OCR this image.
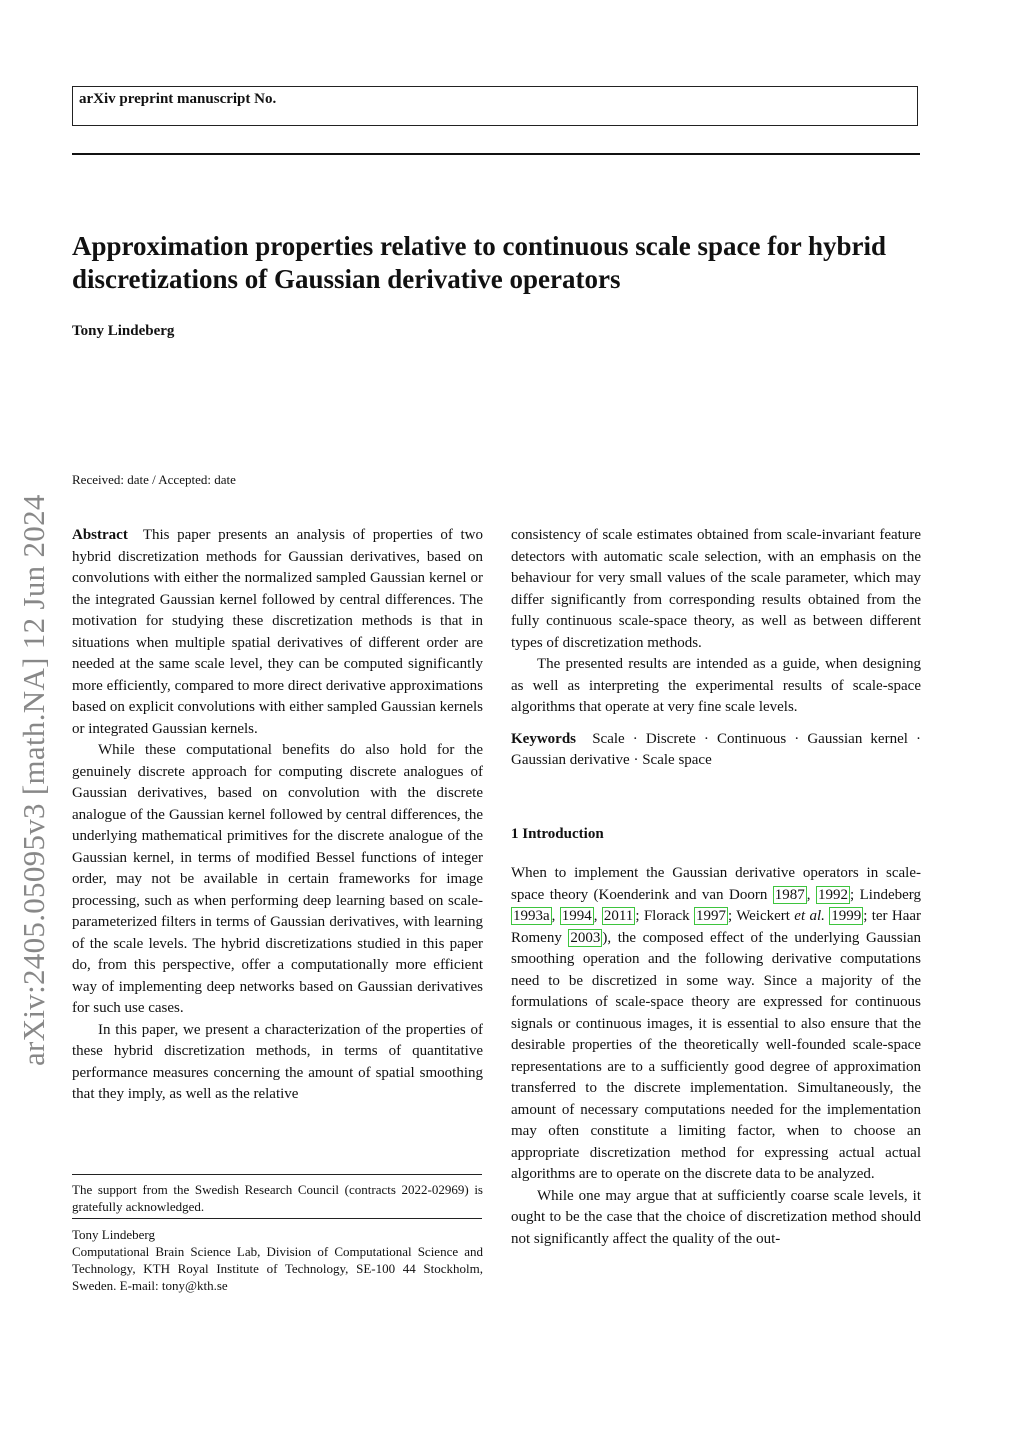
arXiv preprint manuscript No.
Approximation properties relative to continuous scale space for hybrid discretizations of Gaussian derivative operators
Tony Lindeberg
arXiv:2405.05095v3 [math.NA] 12 Jun 2024
Received: date / Accepted: date

Abstract This paper presents an analysis of properties of two hybrid discretization methods for Gaussian derivatives, based on convolutions with either the normalized sampled Gaussian kernel or the integrated Gaussian kernel followed by central differences. The motivation for studying these discretization methods is that in situations when multiple spatial derivatives of different order are needed at the same scale level, they can be computed significantly more efficiently, compared to more direct derivative approximations based on explicit convolutions with either sampled Gaussian kernels or integrated Gaussian kernels.

While these computational benefits do also hold for the genuinely discrete approach for computing discrete analogues of Gaussian derivatives, based on convolution with the discrete analogue of the Gaussian kernel followed by central differences, the underlying mathematical primitives for the discrete analogue of the Gaussian kernel, in terms of modified Bessel functions of integer order, may not be available in certain frameworks for image processing, such as when performing deep learning based on scale-parameterized filters in terms of Gaussian derivatives, with learning of the scale levels. The hybrid discretizations studied in this paper do, from this perspective, offer a computationally more efficient way of implementing deep networks based on Gaussian derivatives for such use cases.

In this paper, we present a characterization of the properties of these hybrid discretization methods, in terms of quantitative performance measures concerning the amount of spatial smoothing that they imply, as well as the relative

consistency of scale estimates obtained from scale-invariant feature detectors with automatic scale selection, with an emphasis on the behaviour for very small values of the scale parameter, which may differ significantly from corresponding results obtained from the fully continuous scale-space theory, as well as between different types of discretization methods.

The presented results are intended as a guide, when designing as well as interpreting the experimental results of scale-space algorithms that operate at very fine scale levels.

Keywords Scale · Discrete · Continuous · Gaussian kernel · Gaussian derivative · Scale space

1 Introduction

When to implement the Gaussian derivative operators in scale-space theory (Koenderink and van Doorn 1987 , 1992 ; Lindeberg 1993a , 1994 , 2011 ; Florack 1997 ; Weickert et al. 1999 ; ter Haar Romeny 2003 ), the composed effect of the underlying Gaussian smoothing operation and the following derivative computations need to be discretized in some way. Since a majority of the formulations of scale-space theory are expressed for continuous signals or continuous images, it is essential to also ensure that the desirable properties of the theoretically well-founded scale-space representations are to a sufficiently good degree of approximation transferred to the discrete implementation. Simultaneously, the amount of necessary computations needed for the implementation may often constitute a limiting factor, when to choose an appropriate discretization method for expressing actual actual algorithms are to operate on the discrete data to be analyzed.

While one may argue that at sufficiently coarse scale levels, it ought to be the case that the choice of discretization method should not significantly affect the quality of the out-

The support from the Swedish Research Council (contracts 2022-02969) is gratefully acknowledged.

Tony Lindeberg

Computational Brain Science Lab, Division of Computational Science and Technology, KTH Royal Institute of Technology, SE-100 44 Stockholm, Sweden. E-mail: tony@kth.se
